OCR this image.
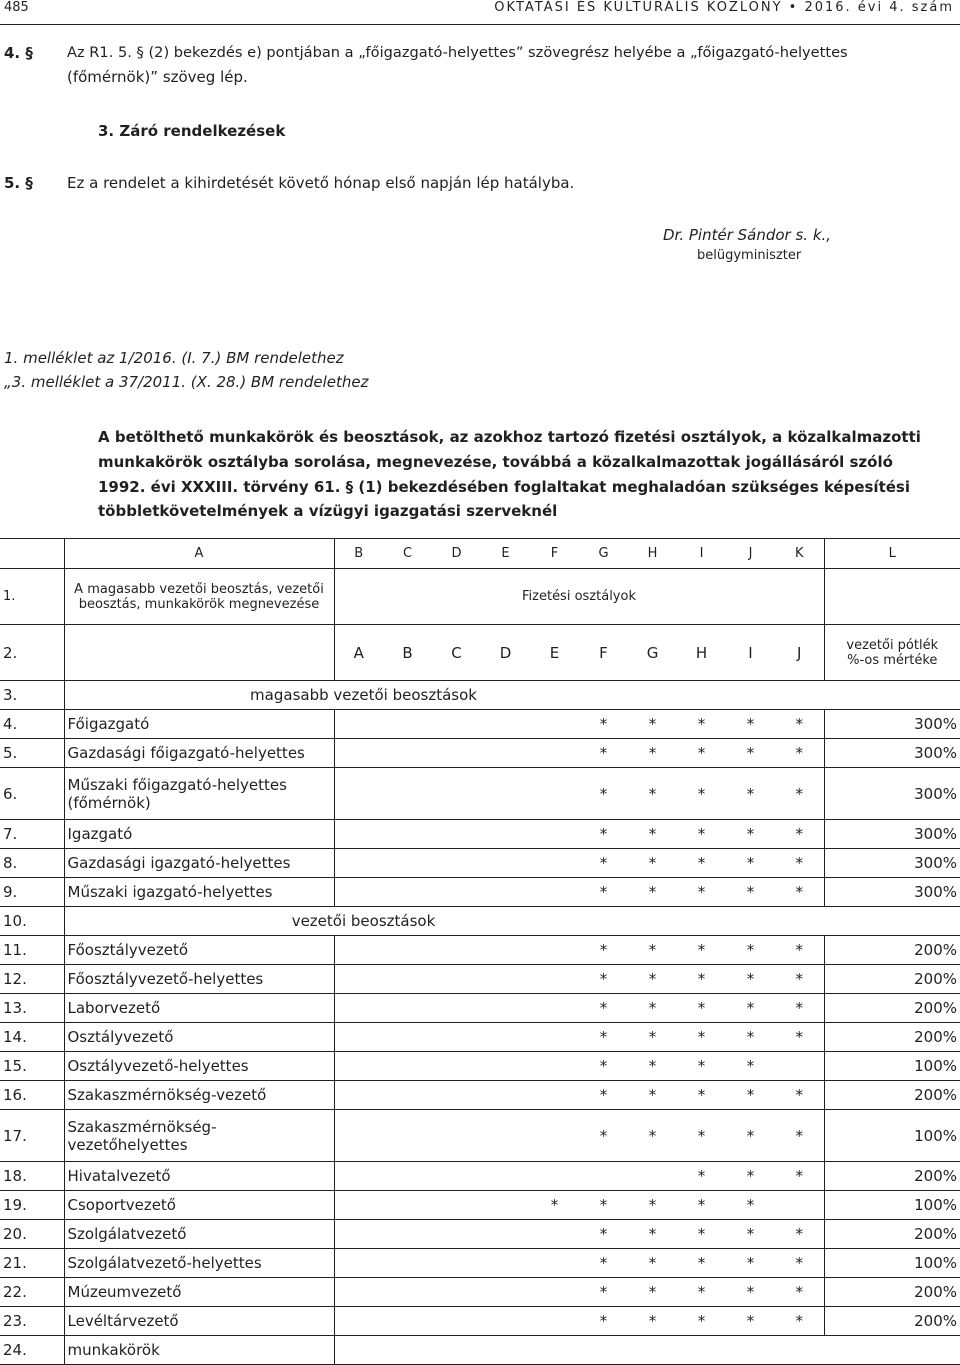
485	OKTATÁSI ÉS KULTURÁLIS KÖZLÖNY • 2016. évi 4. szám
4. § Az R1. 5. § (2) bekezdés e) pontjában a „főigazgató-helyettes” szövegrész helyébe a „főigazgató-helyettes
(főmérnök)” szöveg lép.
3. Záró rendelkezések
5. § Ez a rendelet a kihirdetését követő hónap első napján lép hatályba.
Dr. Pintér Sándor s. k.,
belügyminiszter
1. melléklet az 1/2016. (I. 7.) BM rendelethez
„3. melléklet a 37/2011. (X. 28.) BM rendelethez
A betölthető munkakörök és beosztások, az azokhoz tartozó fizetési osztályok, a közalkalmazotti
munkakörök osztályba sorolása, megnevezése, továbbá a közalkalmazottak jogállásáról szóló
1992. évi XXXIII. törvény 61. § (1) bekezdésében foglaltakat meghaladóan szükséges képesítési
többletkövetelmények a vízügyi igazgatási szerveknél
	A	B	C	D	E	F	G	H	I	J	K	L
1.	A magasabb vezetői beosztás, vezetői
beosztás, munkakörök megnevezése	Fizetési osztályok										
2.		A	B	C	D	E	F	G	H	I	J	vezetői pótlék
%-os mértéke

3.	magasabb vezetői beosztások											
4.	Főigazgató						*	*	*	*	*	300%
5.	Gazdasági főigazgató-helyettes						*	*	*	*	*	300%
6.	Műszaki főigazgató-helyettes
(főmérnök)						*	*	*	*	*	300%
7.	Igazgató						*	*	*	*	*	300%
8.	Gazdasági igazgató-helyettes						*	*	*	*	*	300%
9.	Műszaki igazgató-helyettes						*	*	*	*	*	300%
10.	vezetői beosztások											
11.	Főosztályvezető						*	*	*	*	*	200%
12.	Főosztályvezető-helyettes						*	*	*	*	*	200%
13.	Laborvezető						*	*	*	*	*	200%
14.	Osztályvezető						*	*	*	*	*	200%
15.	Osztályvezető-helyettes						*	*	*	*		100%
16.	Szakaszmérnökség-vezető						*	*	*	*	*	200%
17.	Szakaszmérnökség-
vezetőhelyettes						*	*	*	*	*	100%
18.	Hivatalvezető								*	*	*	200%
19.	Csoportvezető					*	*	*	*	*		100%
20.	Szolgálatvezető						*	*	*	*	*	200%
21.	Szolgálatvezető-helyettes						*	*	*	*	*	100%
22.	Múzeumvezető						*	*	*	*	*	200%
23.	Levéltárvezető						*	*	*	*	*	200%
24.	munkakörök											
